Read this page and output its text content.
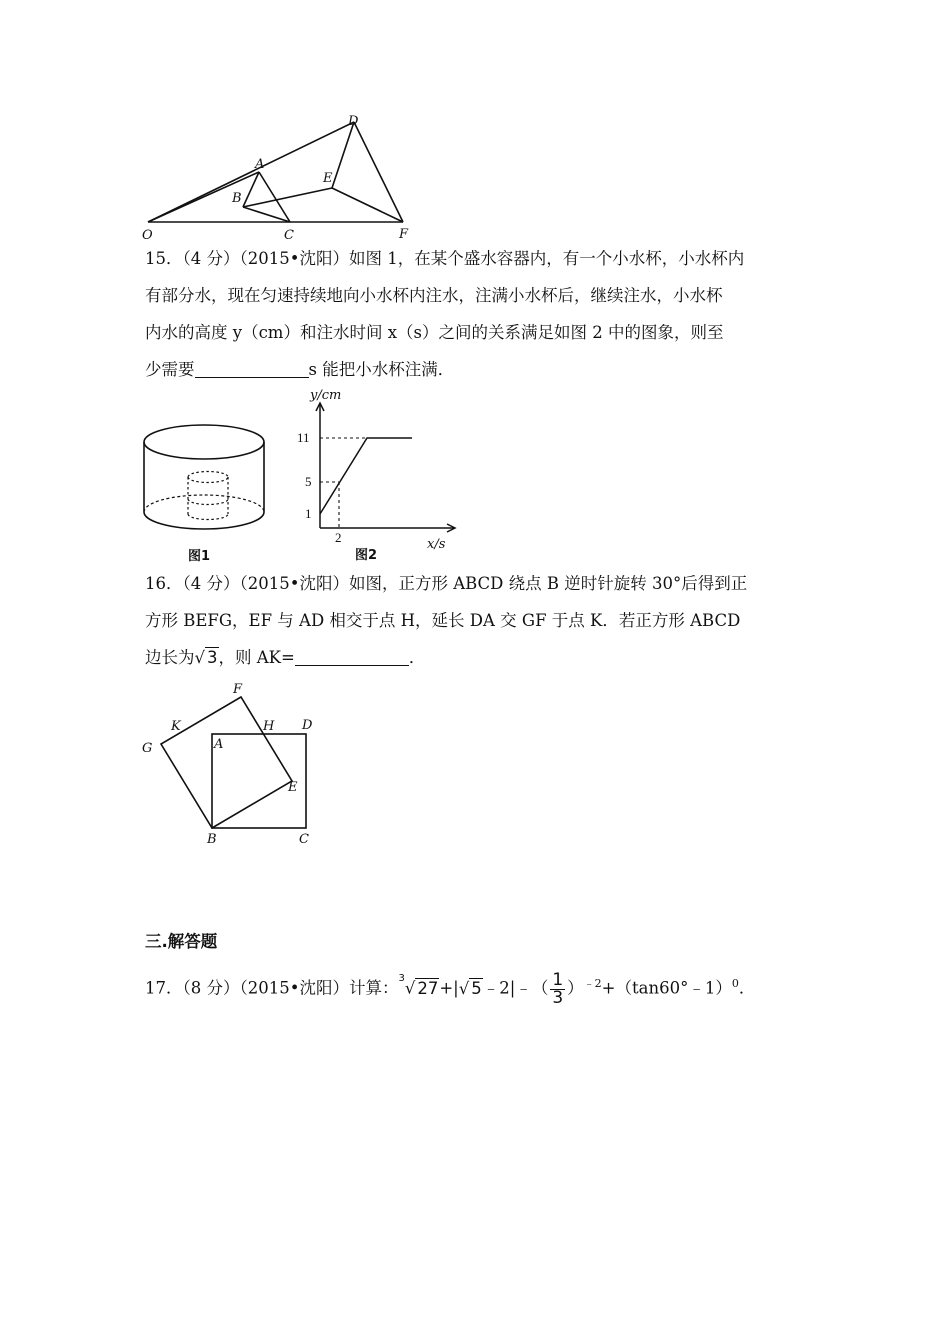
D
A
E
B
O	C	F
15．（4 分）（2015•沈阳）如图 1，在某个盛水容器内，有一个小水杯，小水杯内
有部分水，现在匀速持续地向小水杯内注水，注满小水杯后，继续注水，小水杯
内水的高度 y（cm）和注水时间 x（s）之间的关系满足如图 2 中的图象，则至
少需要	s 能把小水杯注满．
图1
y/cm
x/s
11
5
1
2
图2
16．（4 分）（2015•沈阳）如图，正方形 ABCD 绕点 B 逆时针旋转 30°后得到正
方形 BEFG，EF 与 AD 相交于点 H，延长 DA 交 GF 于点 K．若正方形 ABCD
边长为√ 3，则 AK=	．
F
K	H D
G	A
E
B	C
三.解答题
17．（8 分）（2015•沈阳）计算：$^3$√ 27+|√ 5﹣2|﹣（ $\frac{1}{3}$ ）$^{﹣2}$+（tan60°﹣1）$^0$．
